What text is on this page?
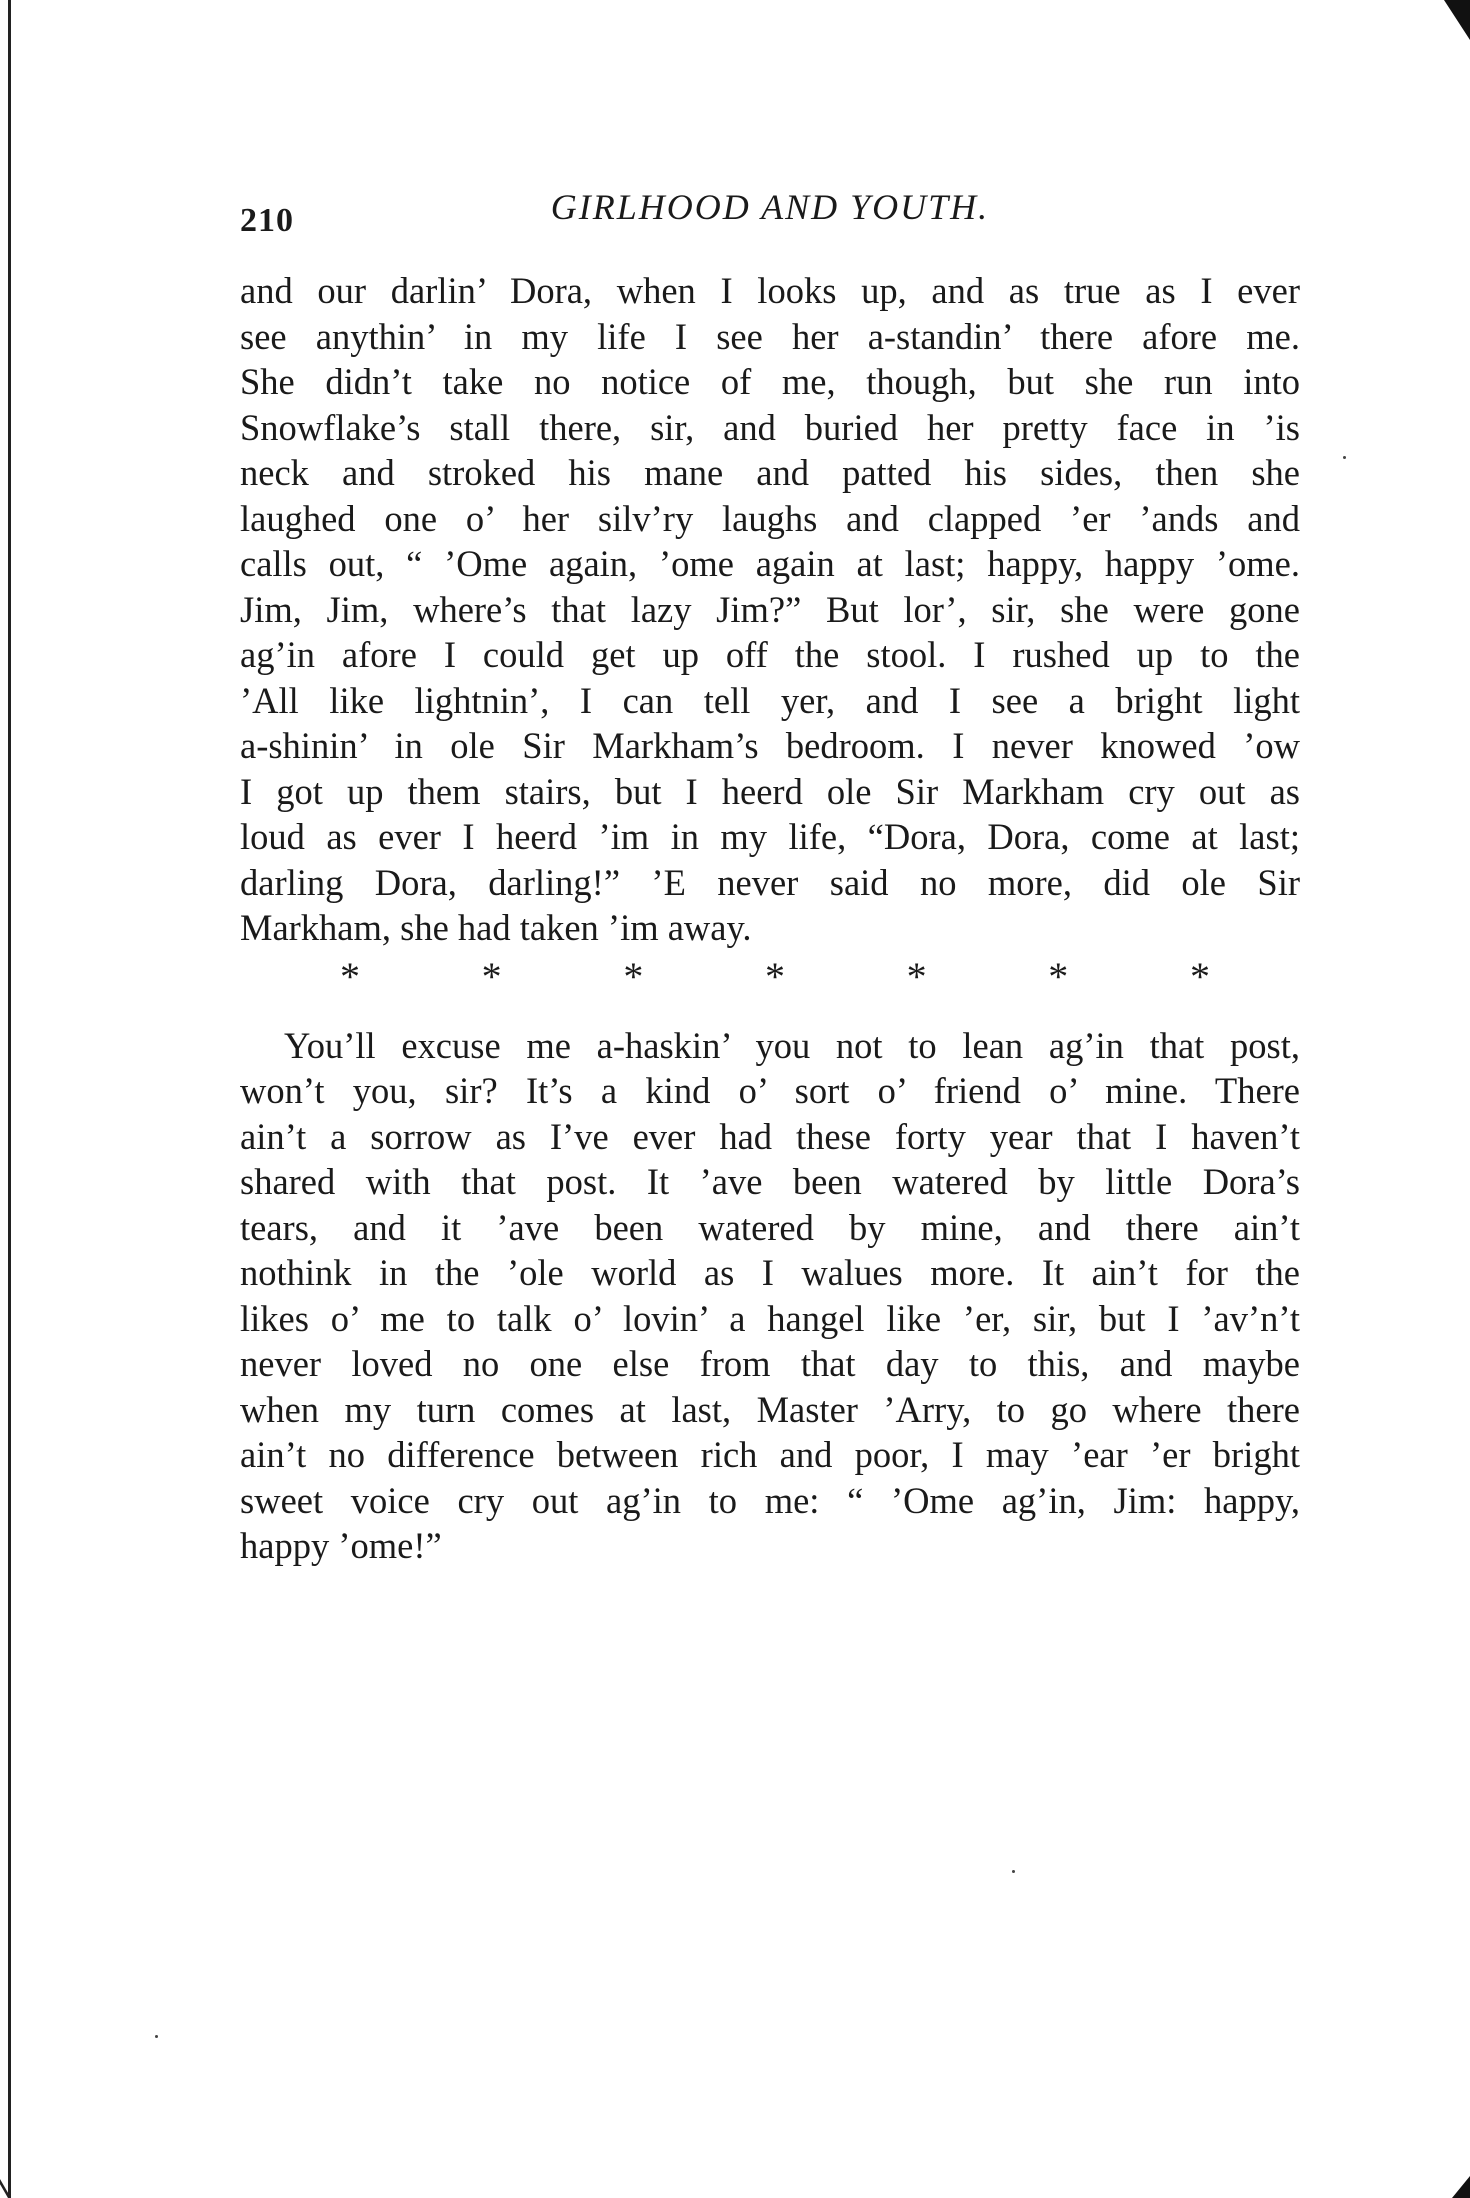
210	GIRLHOOD AND YOUTH.
and our darlin’ Dora, when I looks up, and as true as I ever
see anythin’ in my life I see her a-standin’ there afore me.
She didn’t take no notice of me, though, but she run into
Snowflake’s stall there, sir, and buried her pretty face in ’is
neck and stroked his mane and patted his sides, then she
laughed one o’ her silv’ry laughs and clapped ’er ’ands and
calls out, “ ’Ome again, ’ome again at last; happy, happy ’ome.
Jim, Jim, where’s that lazy Jim?” But lor’, sir, she were gone
ag’in afore I could get up off the stool. I rushed up to the
’All like lightnin’, I can tell yer, and I see a bright light
a-shinin’ in ole Sir Markham’s bedroom. I never knowed ’ow
I got up them stairs, but I heerd ole Sir Markham cry out as
loud as ever I heerd ’im in my life, “Dora, Dora, come at last;
darling Dora, darling!” ’E never said no more, did ole Sir
Markham, she had taken ’im away.
*	*	*	*	*	*	*
You’ll excuse me a-haskin’ you not to lean ag’in that post,
won’t you, sir? It’s a kind o’ sort o’ friend o’ mine. There
ain’t a sorrow as I’ve ever had these forty year that I haven’t
shared with that post. It ’ave been watered by little Dora’s
tears, and it ’ave been watered by mine, and there ain’t
nothink in the ’ole world as I walues more. It ain’t for the
likes o’ me to talk o’ lovin’ a hangel like ’er, sir, but I ’av’n’t
never loved no one else from that day to this, and maybe
when my turn comes at last, Master ’Arry, to go where there
ain’t no difference between rich and poor, I may ’ear ’er bright
sweet voice cry out ag’in to me: “ ’Ome ag’in, Jim: happy,
happy ’ome!”
